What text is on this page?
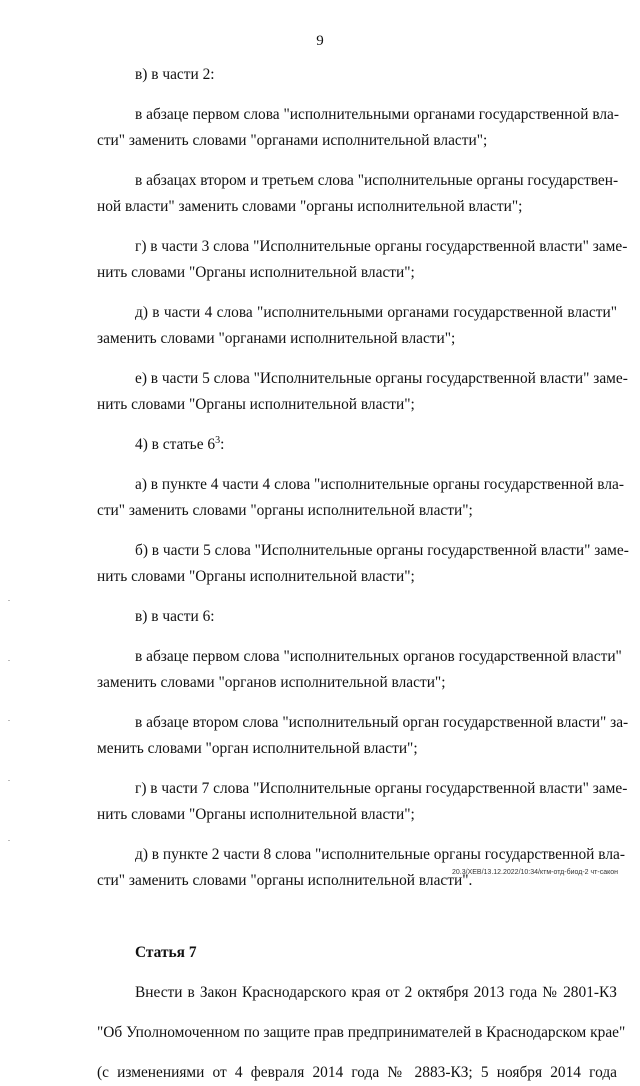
9
в) в части 2:
в абзаце первом слова "исполнительными органами государственной вла-
сти" заменить словами "органами исполнительной власти";
в абзацах втором и третьем слова "исполнительные органы государствен-
ной власти" заменить словами "органы исполнительной власти";
г) в части 3 слова "Исполнительные органы государственной власти" заме-
нить словами "Органы исполнительной власти";
д) в части 4 слова "исполнительными органами государственной власти"
заменить словами "органами исполнительной власти";
е) в части 5 слова "Исполнительные органы государственной власти" заме-
нить словами "Органы исполнительной власти";
4) в статье $6^3$:
а) в пункте 4 части 4 слова "исполнительные органы государственной вла-
сти" заменить словами "органы исполнительной власти";
б) в части 5 слова "Исполнительные органы государственной власти" заме-
нить словами "Органы исполнительной власти";
в) в части 6:
в абзаце первом слова "исполнительных органов государственной власти"
заменить словами "органов исполнительной власти";
в абзаце втором слова "исполнительный орган государственной власти" за-
менить словами "орган исполнительной власти";
г) в части 7 слова "Исполнительные органы государственной власти" заме-
нить словами "Органы исполнительной власти";
д) в пункте 2 части 8 слова "исполнительные органы государственной вла-
сти" заменить словами "органы исполнительной власти".
Статья 7
Внести в Закон Краснодарского края от 2 октября 2013 года № 2801-КЗ
"Об Уполномоченном по защите прав предпринимателей в Краснодарском крае"
(с изменениями от 4 февраля 2014 года № 2883-КЗ; 5 ноября 2014 года
20.3/ХЕВ/13.12.2022/10:34/ктм-отд-биод-2 чт-сакон
